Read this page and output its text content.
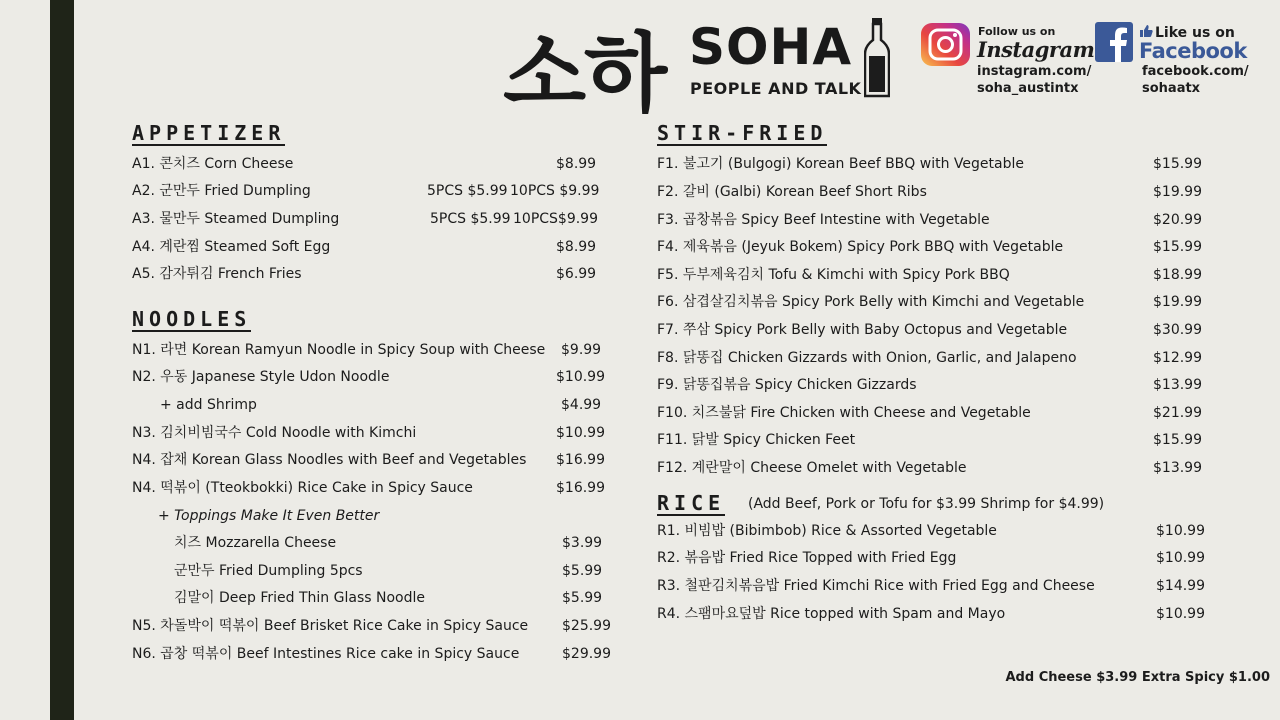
소하 SOHA
PEOPLE AND TALK
Follow us on
Instagram
instagram.com/
soha_austintx
Like us on
Facebook
facebook.com/
sohaatx
APPETIZER
A1. 콘치즈 Corn Cheese	$8.99
A2. 군만두 Fried Dumpling	5PCS $5.99 10PCS $9.99
A3. 물만두 Steamed Dumpling	5PCS $5.99 10PCS$9.99
A4. 계란찜 Steamed Soft Egg	$8.99
A5. 감자튀김 French Fries	$6.99
NOODLES
N1. 라면 Korean Ramyun Noodle in Spicy Soup with Cheese $9.99
N2. 우동 Japanese Style Udon Noodle	$10.99
+ add Shrimp	$4.99
N3. 김치비빔국수 Cold Noodle with Kimchi	$10.99
N4. 잡채 Korean Glass Noodles with Beef and Vegetables $16.99
N4. 떡볶이 (Tteokbokki) Rice Cake in Spicy Sauce	$16.99
+ Toppings Make It Even Better
치즈 Mozzarella Cheese	$3.99
군만두 Fried Dumpling 5pcs	$5.99
김말이 Deep Fried Thin Glass Noodle	$5.99
N5. 차돌박이 떡볶이 Beef Brisket Rice Cake in Spicy Sauce $25.99
N6. 곱창 떡볶이 Beef Intestines Rice cake in Spicy Sauce	$29.99
STIR-FRIED
F1. 불고기 (Bulgogi) Korean Beef BBQ with Vegetable	$15.99
F2. 갈비 (Galbi) Korean Beef Short Ribs	$19.99
F3. 곱창볶음 Spicy Beef Intestine with Vegetable	$20.99
F4. 제육볶음 (Jeyuk Bokem) Spicy Pork BBQ with Vegetable	$15.99
F5. 두부제육김치 Tofu & Kimchi with Spicy Pork BBQ	$18.99
F6. 삼겹살김치볶음 Spicy Pork Belly with Kimchi and Vegetable	$19.99
F7. 쭈삼 Spicy Pork Belly with Baby Octopus and Vegetable	$30.99
F8. 닭똥집 Chicken Gizzards with Onion, Garlic, and Jalapeno	$12.99
F9. 닭똥집볶음 Spicy Chicken Gizzards	$13.99
F10. 치즈불닭 Fire Chicken with Cheese and Vegetable	$21.99
F11. 닭발 Spicy Chicken Feet	$15.99
F12. 계란말이 Cheese Omelet with Vegetable	$13.99
RICE (Add Beef, Pork or Tofu for $3.99 Shrimp for $4.99)
R1. 비빔밥 (Bibimbob) Rice & Assorted Vegetable	$10.99
R2. 볶음밥 Fried Rice Topped with Fried Egg	$10.99
R3. 철판김치볶음밥 Fried Kimchi Rice with Fried Egg and Cheese	$14.99
R4. 스팸마요덮밥 Rice topped with Spam and Mayo	$10.99
Add Cheese $3.99 Extra Spicy $1.00
